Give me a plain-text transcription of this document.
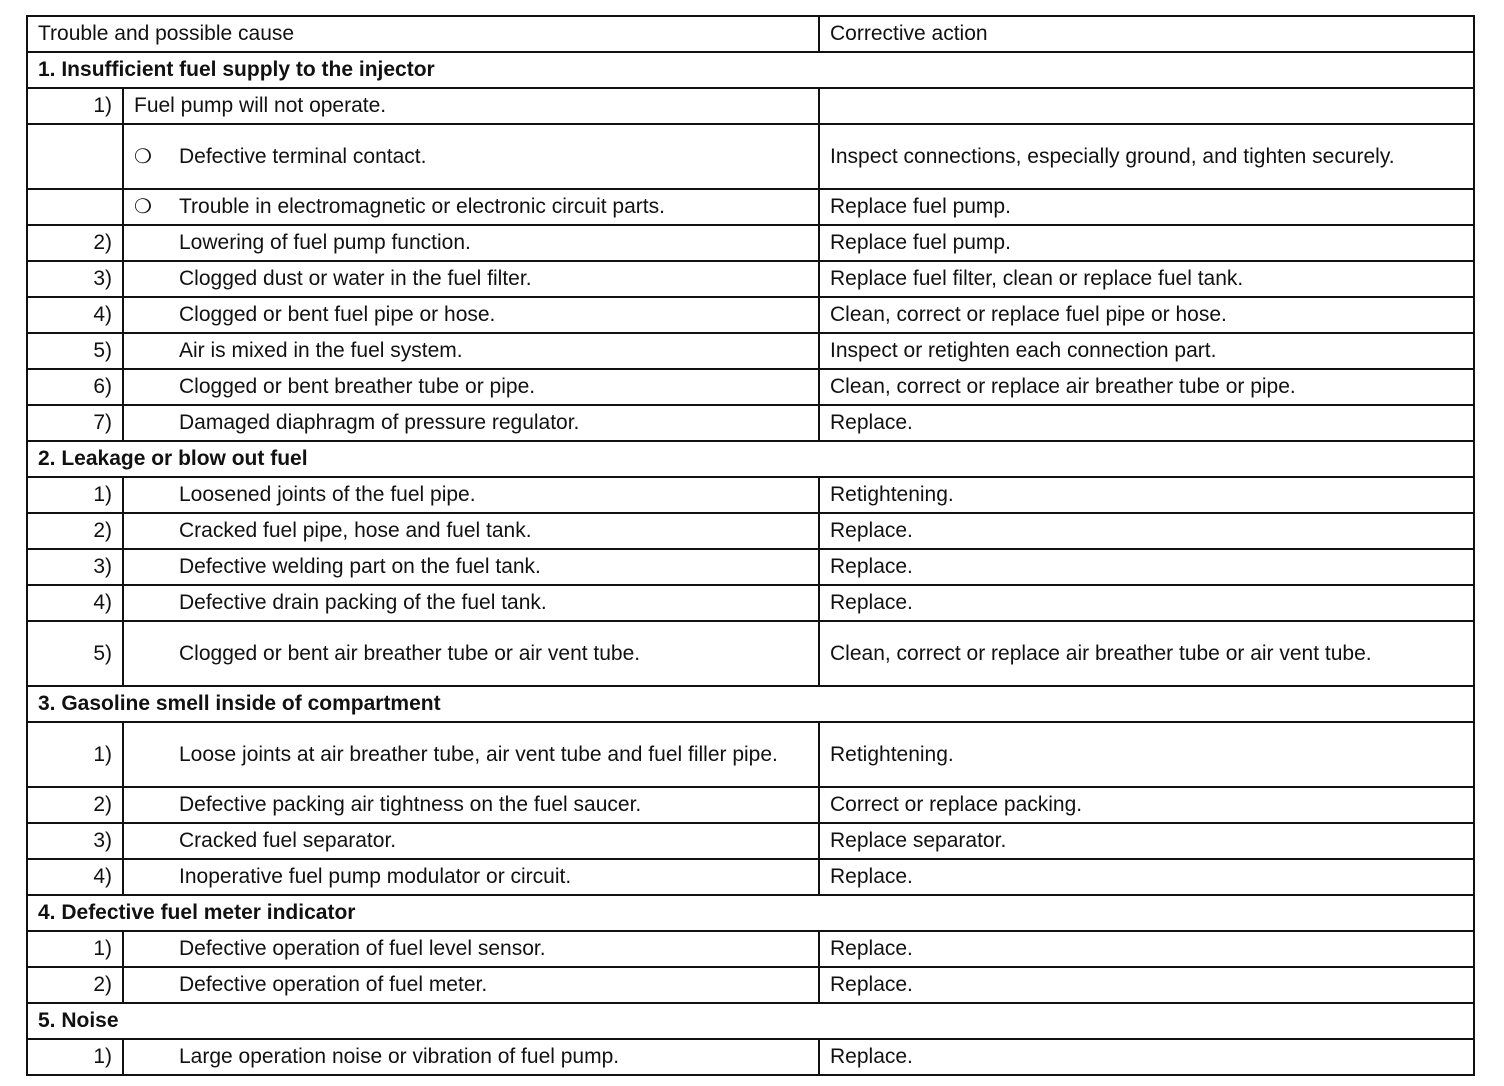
Trouble and possible cause			Corrective action
1. Insufficient fuel supply to the injector			
1)	Fuel pump will not operate.		
	❍	Defective terminal contact.	Inspect connections, especially ground, and tighten securely.
	❍	Trouble in electromagnetic or electronic circuit parts.	Replace fuel pump.
2)		Lowering of fuel pump function.	Replace fuel pump.
3)		Clogged dust or water in the fuel filter.	Replace fuel filter, clean or replace fuel tank.
4)		Clogged or bent fuel pipe or hose.	Clean, correct or replace fuel pipe or hose.
5)		Air is mixed in the fuel system.	Inspect or retighten each connection part.
6)		Clogged or bent breather tube or pipe.	Clean, correct or replace air breather tube or pipe.
7)		Damaged diaphragm of pressure regulator.	Replace.
2. Leakage or blow out fuel			
1)		Loosened joints of the fuel pipe.	Retightening.
2)		Cracked fuel pipe, hose and fuel tank.	Replace.
3)		Defective welding part on the fuel tank.	Replace.
4)		Defective drain packing of the fuel tank.	Replace.
5)		Clogged or bent air breather tube or air vent tube.	Clean, correct or replace air breather tube or air vent tube.
3. Gasoline smell inside of compartment			
1)		Loose joints at air breather tube, air vent tube and fuel filler pipe.	Retightening.
2)		Defective packing air tightness on the fuel saucer.	Correct or replace packing.
3)		Cracked fuel separator.	Replace separator.
4)		Inoperative fuel pump modulator or circuit.	Replace.
4. Defective fuel meter indicator			
1)		Defective operation of fuel level sensor.	Replace.
2)		Defective operation of fuel meter.	Replace.
5. Noise			
1)		Large operation noise or vibration of fuel pump.	Replace.
